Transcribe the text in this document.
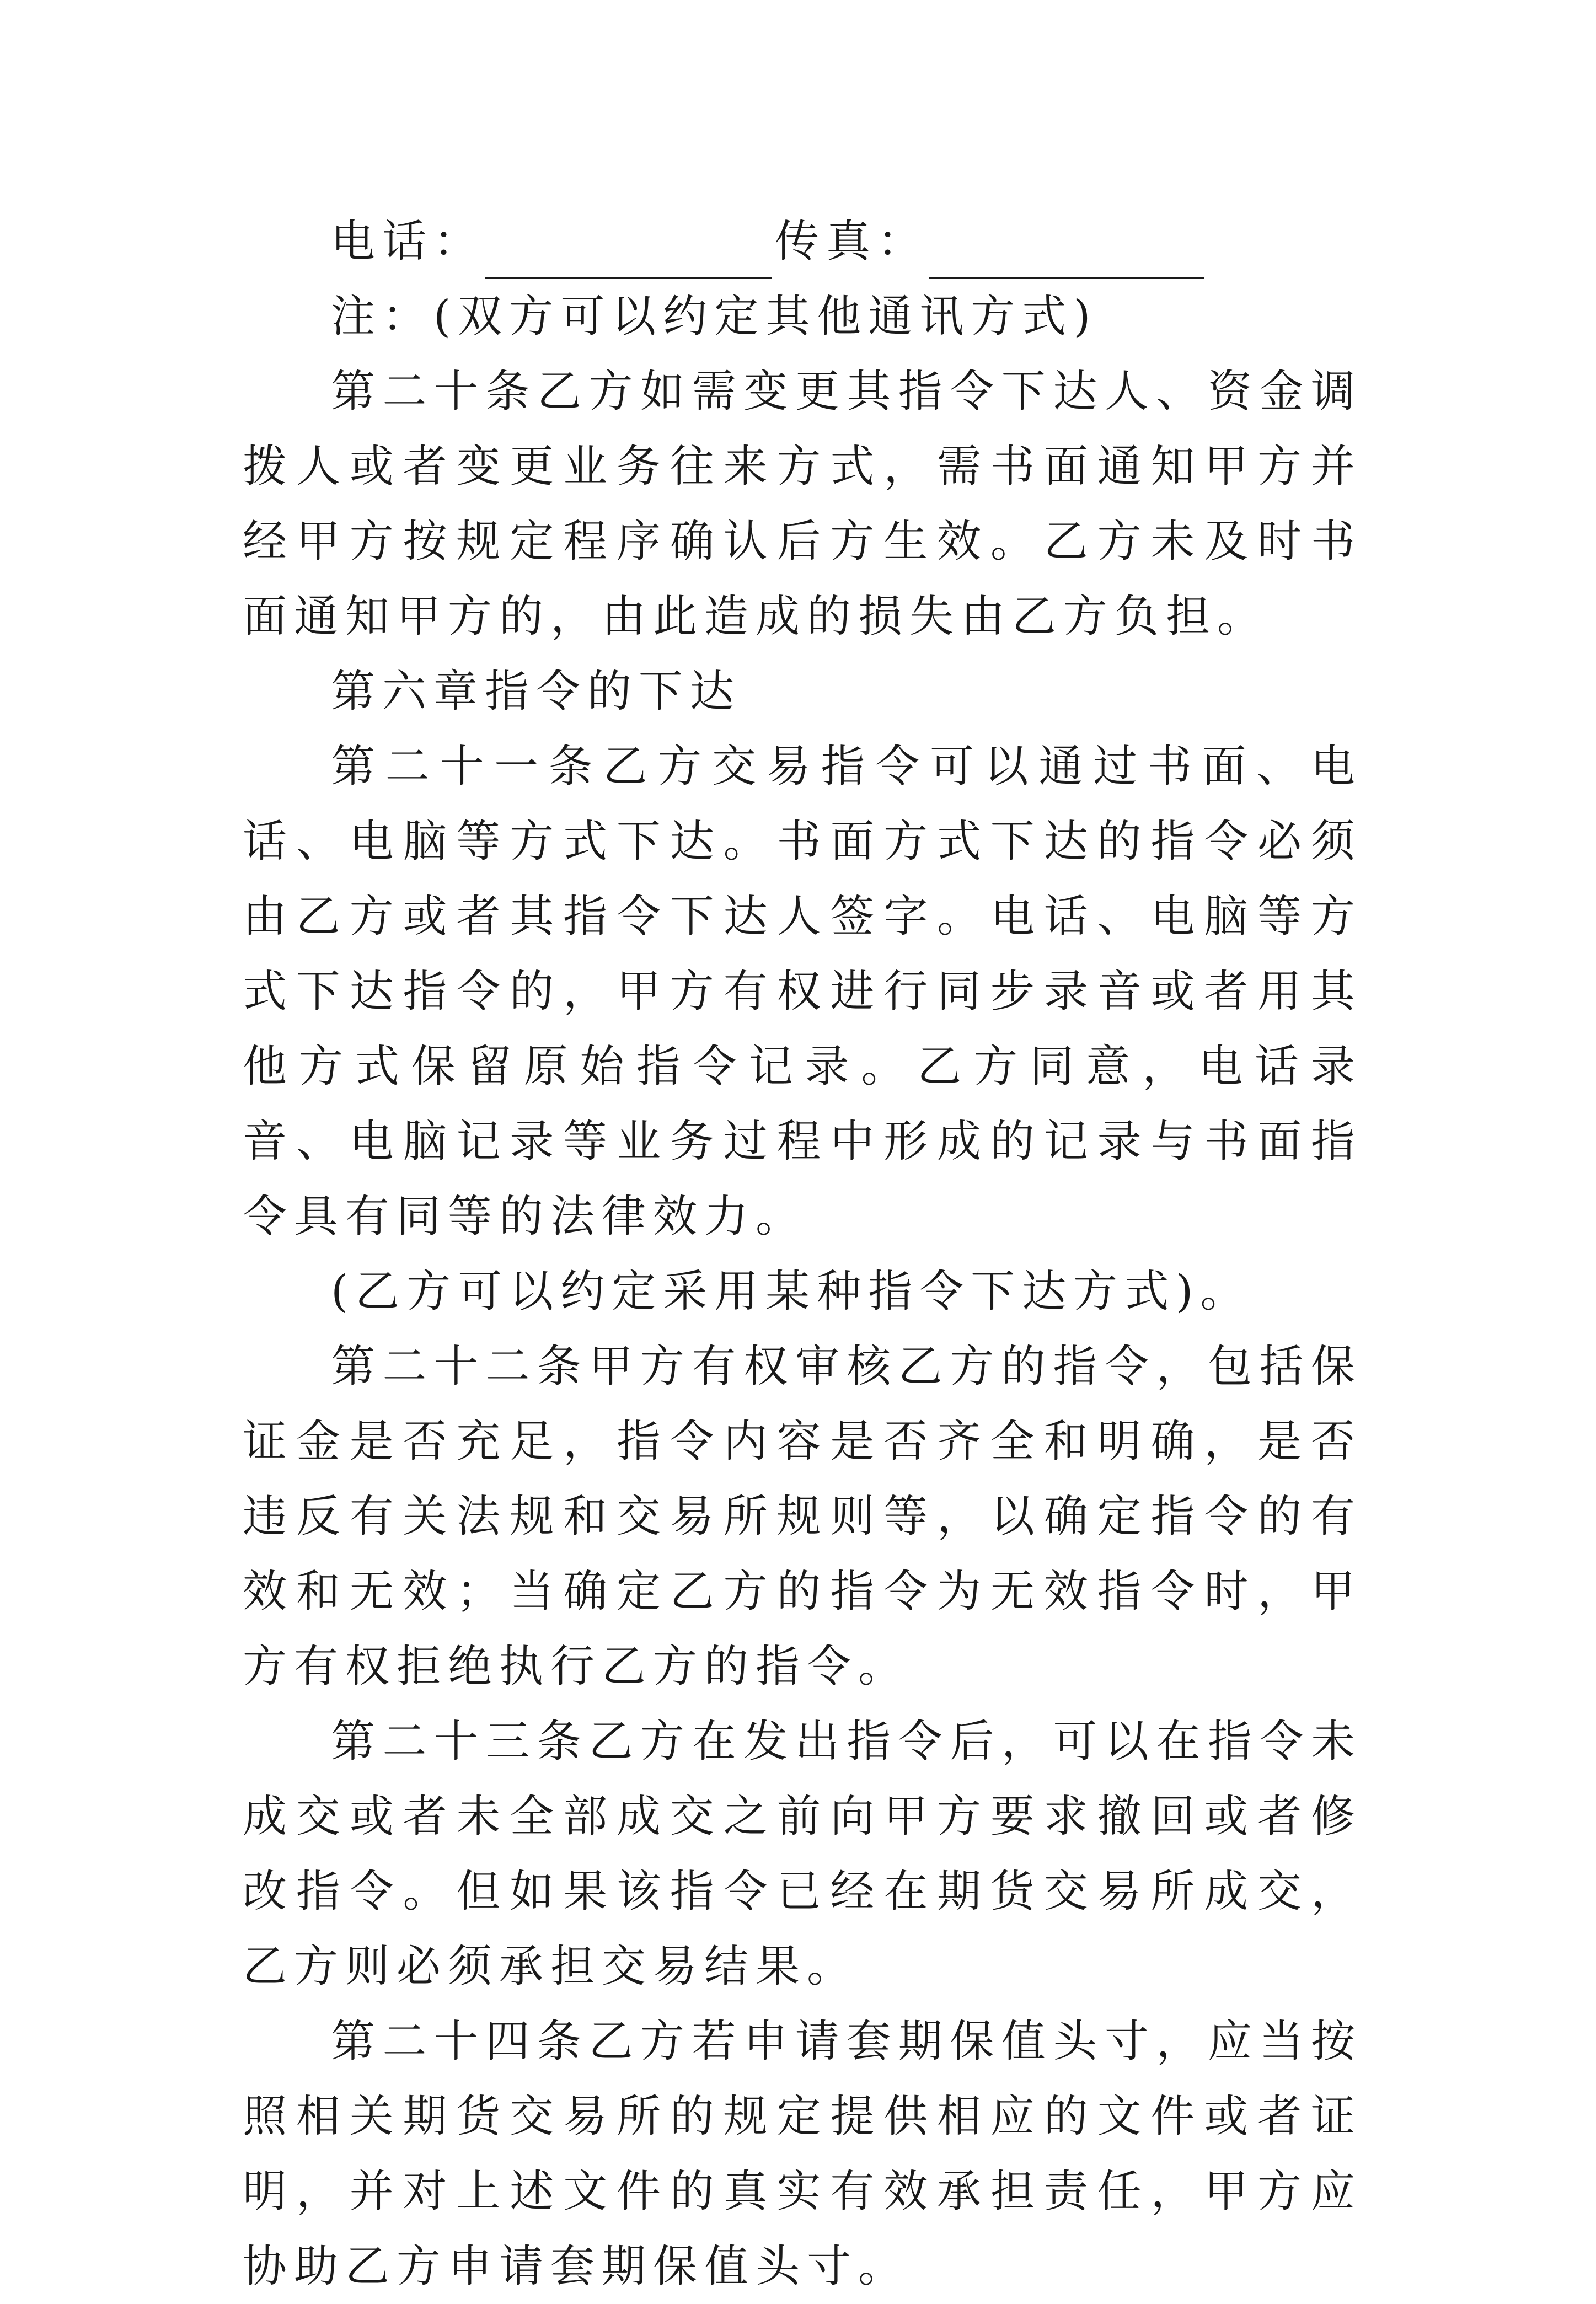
电话：	传真：

注：(双方可以约定其他通讯方式)

第二十条乙方如需变更其指令下达人、资金调拨人或者变更业务往来方式，需书面通知甲方并经甲方按规定程序确认后方生效。乙方未及时书面通知甲方的，由此造成的损失由乙方负担。

第六章指令的下达

第二十一条乙方交易指令可以通过书面、电话、电脑等方式下达。书面方式下达的指令必须由乙方或者其指令下达人签字。电话、电脑等方式下达指令的，甲方有权进行同步录音或者用其他方式保留原始指令记录。乙方同意，电话录音、电脑记录等业务过程中形成的记录与书面指令具有同等的法律效力。

(乙方可以约定采用某种指令下达方式)。

第二十二条甲方有权审核乙方的指令，包括保证金是否充足，指令内容是否齐全和明确，是否违反有关法规和交易所规则等，以确定指令的有效和无效；当确定乙方的指令为无效指令时，甲方有权拒绝执行乙方的指令。

第二十三条乙方在发出指令后，可以在指令未成交或者未全部成交之前向甲方要求撤回或者修改指令。但如果该指令已经在期货交易所成交，乙方则必须承担交易结果。

第二十四条乙方若申请套期保值头寸，应当按照相关期货交易所的规定提供相应的文件或者证明，并对上述文件的真实有效承担责任，甲方应协助乙方申请套期保值头寸。
